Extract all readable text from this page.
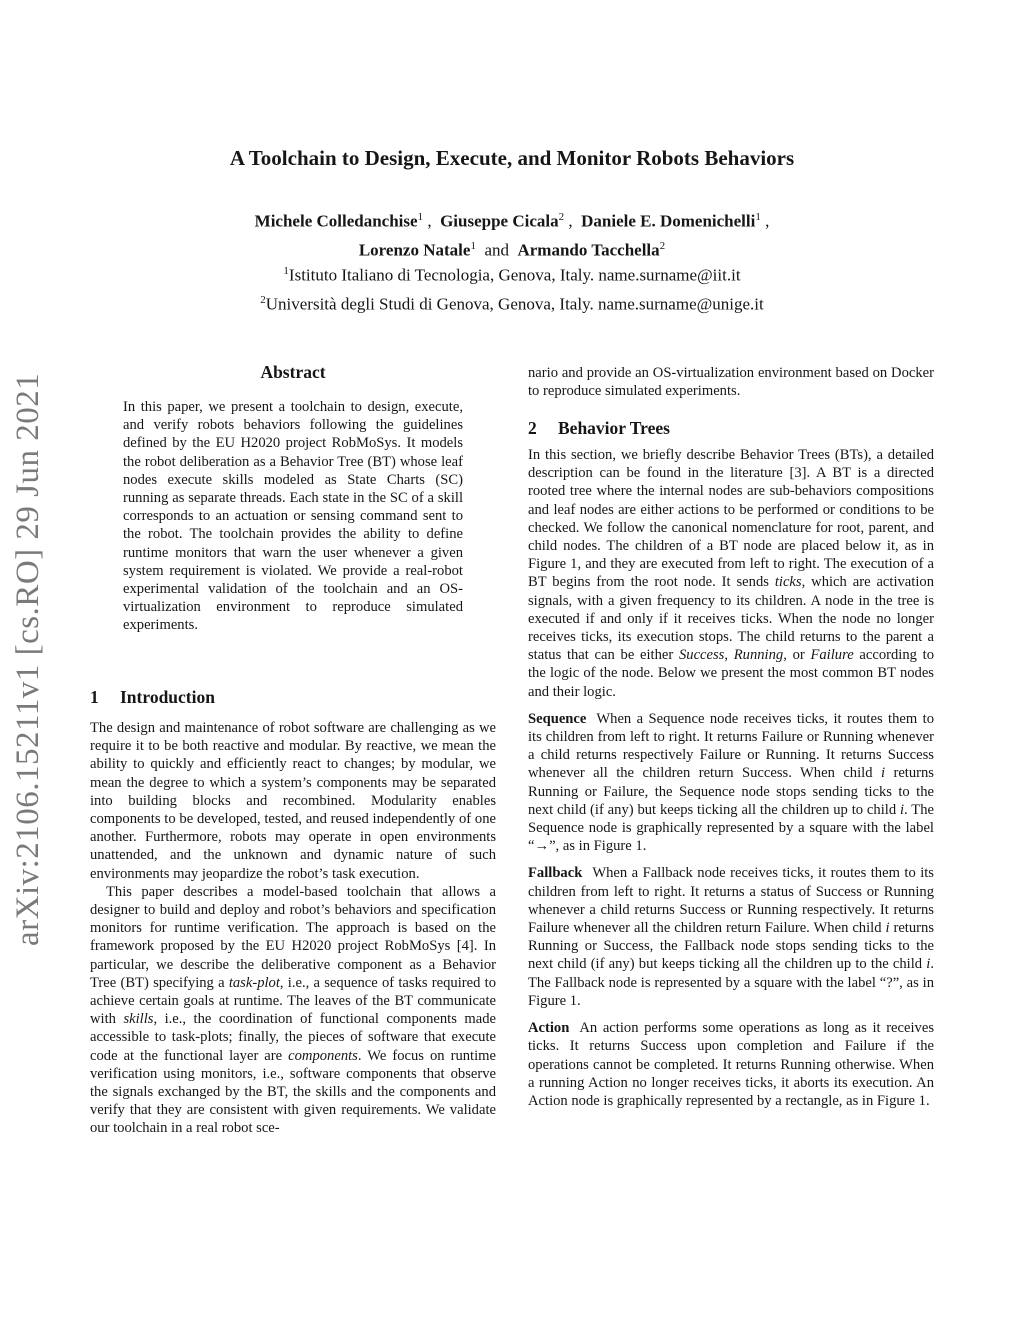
A Toolchain to Design, Execute, and Monitor Robots Behaviors
Michele Colledanchise$^1$ ,  Giuseppe Cicala$^2$ ,  Daniele E. Domenichelli$^1$ ,
Lorenzo Natale$^1$ and Armando Tacchella$^2$
$^1$Istituto Italiano di Tecnologia, Genova, Italy. name.surname@iit.it
$^2$Università degli Studi di Genova, Genova, Italy. name.surname@unige.it
arXiv:2106.15211v1 [cs.RO] 29 Jun 2021
Abstract
In this paper, we present a toolchain to design, execute, and verify robots behaviors following the guidelines defined by the EU H2020 project RobMoSys. It models the robot deliberation as a Behavior Tree (BT) whose leaf nodes execute skills modeled as State Charts (SC) running as separate threads. Each state in the SC of a skill corresponds to an actuation or sensing command sent to the robot. The toolchain provides the ability to define runtime monitors that warn the user whenever a given system requirement is violated. We provide a real-robot experimental validation of the toolchain and an OS-virtualization environment to reproduce simulated experiments.
1 Introduction

The design and maintenance of robot software are challenging as we require it to be both reactive and modular. By reactive, we mean the ability to quickly and efficiently react to changes; by modular, we mean the degree to which a system’s components may be separated into building blocks and recombined. Modularity enables components to be developed, tested, and reused independently of one another. Furthermore, robots may operate in open environments unattended, and the unknown and dynamic nature of such environments may jeopardize the robot’s task execution.

This paper describes a model-based toolchain that allows a designer to build and deploy and robot’s behaviors and specification monitors for runtime verification. The approach is based on the framework proposed by the EU H2020 project RobMoSys [4]. In particular, we describe the deliberative component as a Behavior Tree (BT) specifying a task-plot, i.e., a sequence of tasks required to achieve certain goals at runtime. The leaves of the BT communicate with skills, i.e., the coordination of functional components made accessible to task-plots; finally, the pieces of software that execute code at the functional layer are components. We focus on runtime verification using monitors, i.e., software components that observe the signals exchanged by the BT, the skills and the components and verify that they are consistent with given requirements. We validate our toolchain in a real robot sce-

nario and provide an OS-virtualization environment based on Docker to reproduce simulated experiments.

2 Behavior Trees

In this section, we briefly describe Behavior Trees (BTs), a detailed description can be found in the literature [3]. A BT is a directed rooted tree where the internal nodes are sub-behaviors compositions and leaf nodes are either actions to be performed or conditions to be checked. We follow the canonical nomenclature for root, parent, and child nodes. The children of a BT node are placed below it, as in Figure 1, and they are executed from left to right. The execution of a BT begins from the root node. It sends ticks, which are activation signals, with a given frequency to its children. A node in the tree is executed if and only if it receives ticks. When the node no longer receives ticks, its execution stops. The child returns to the parent a status that can be either Success, Running, or Failure according to the logic of the node. Below we present the most common BT nodes and their logic.

Sequence When a Sequence node receives ticks, it routes them to its children from left to right. It returns Failure or Running whenever a child returns respectively Failure or Running. It returns Success whenever all the children return Success. When child i returns Running or Failure, the Sequence node stops sending ticks to the next child (if any) but keeps ticking all the children up to child i. The Sequence node is graphically represented by a square with the label “→”, as in Figure 1.

Fallback When a Fallback node receives ticks, it routes them to its children from left to right. It returns a status of Success or Running whenever a child returns Success or Running respectively. It returns Failure whenever all the children return Failure. When child i returns Running or Success, the Fallback node stops sending ticks to the next child (if any) but keeps ticking all the children up to the child i. The Fallback node is represented by a square with the label “?”, as in Figure 1.

Action An action performs some operations as long as it receives ticks. It returns Success upon completion and Failure if the operations cannot be completed. It returns Running otherwise. When a running Action no longer receives ticks, it aborts its execution. An Action node is graphically represented by a rectangle, as in Figure 1.
